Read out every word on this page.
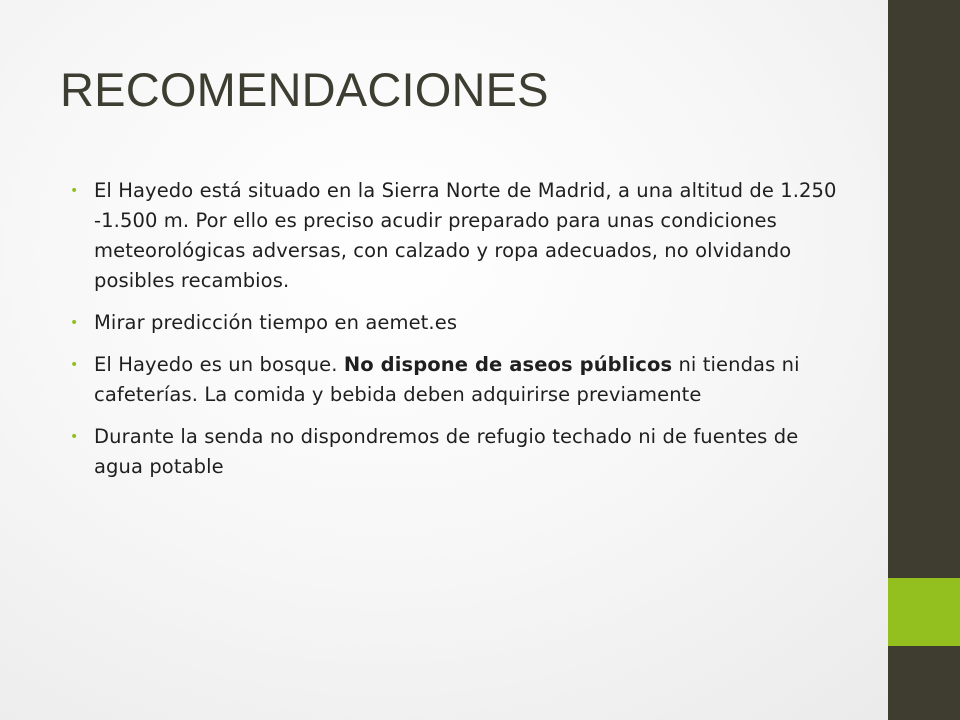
RECOMENDACIONES
• El Hayedo está situado en la Sierra Norte de Madrid, a una altitud de 1.250 -1.500 m. Por ello es preciso acudir preparado para unas condiciones meteorológicas adversas, con calzado y ropa adecuados, no olvidando posibles recambios.
• Mirar predicción tiempo en aemet.es
• El Hayedo es un bosque. No dispone de aseos públicos ni tiendas ni cafeterías. La comida y bebida deben adquirirse previamente
• Durante la senda no dispondremos de refugio techado ni de fuentes de agua potable
